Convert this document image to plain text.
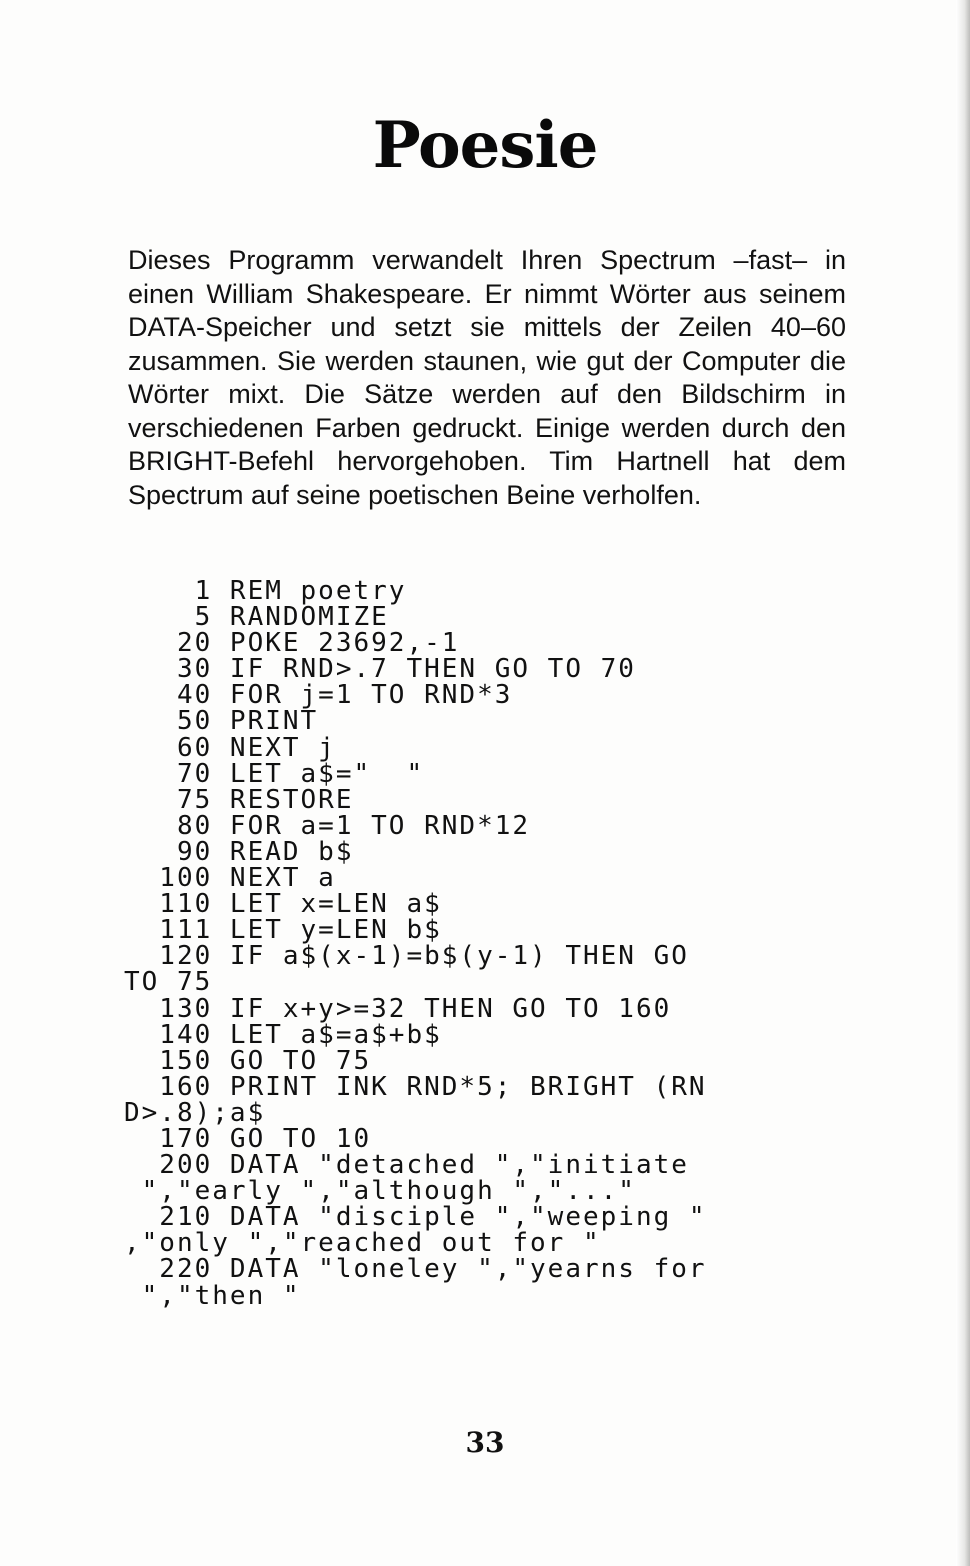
Poesie

Dieses Programm verwandelt Ihren Spectrum –fast– in einen William Shakespeare. Er nimmt Wörter aus seinem DATA-Speicher und setzt sie mittels der Zeilen 40–60 zusammen. Sie werden staunen, wie gut der Computer die Wörter mixt. Die Sätze werden auf den Bildschirm in verschiedenen Farben gedruckt. Einige werden durch den BRIGHT-Befehl hervorgehoben. Tim Hartnell hat dem Spectrum auf seine poetischen Beine verholfen.

1 REM poetry
5 RANDOMIZE
20 POKE 23692,-1
30 IF RND>.7 THEN GO TO 70
40 FOR j=1 TO RND*3
50 PRINT
60 NEXT j
70 LET a$="  "
75 RESTORE
80 FOR a=1 TO RND*12
90 READ b$
100 NEXT a
110 LET x=LEN a$
111 LET y=LEN b$
120 IF a$(x-1)=b$(y-1) THEN GO
TO 75
130 IF x+y>=32 THEN GO TO 160
140 LET a$=a$+b$
150 GO TO 75
160 PRINT INK RND*5; BRIGHT (RN
D>.8);a$
170 GO TO 10
200 DATA "detached ","initiate
","early ","although ","..."
210 DATA "disciple ","weeping "
,"only ","reached out for "
220 DATA "loneley ","yearns for
","then "
33
